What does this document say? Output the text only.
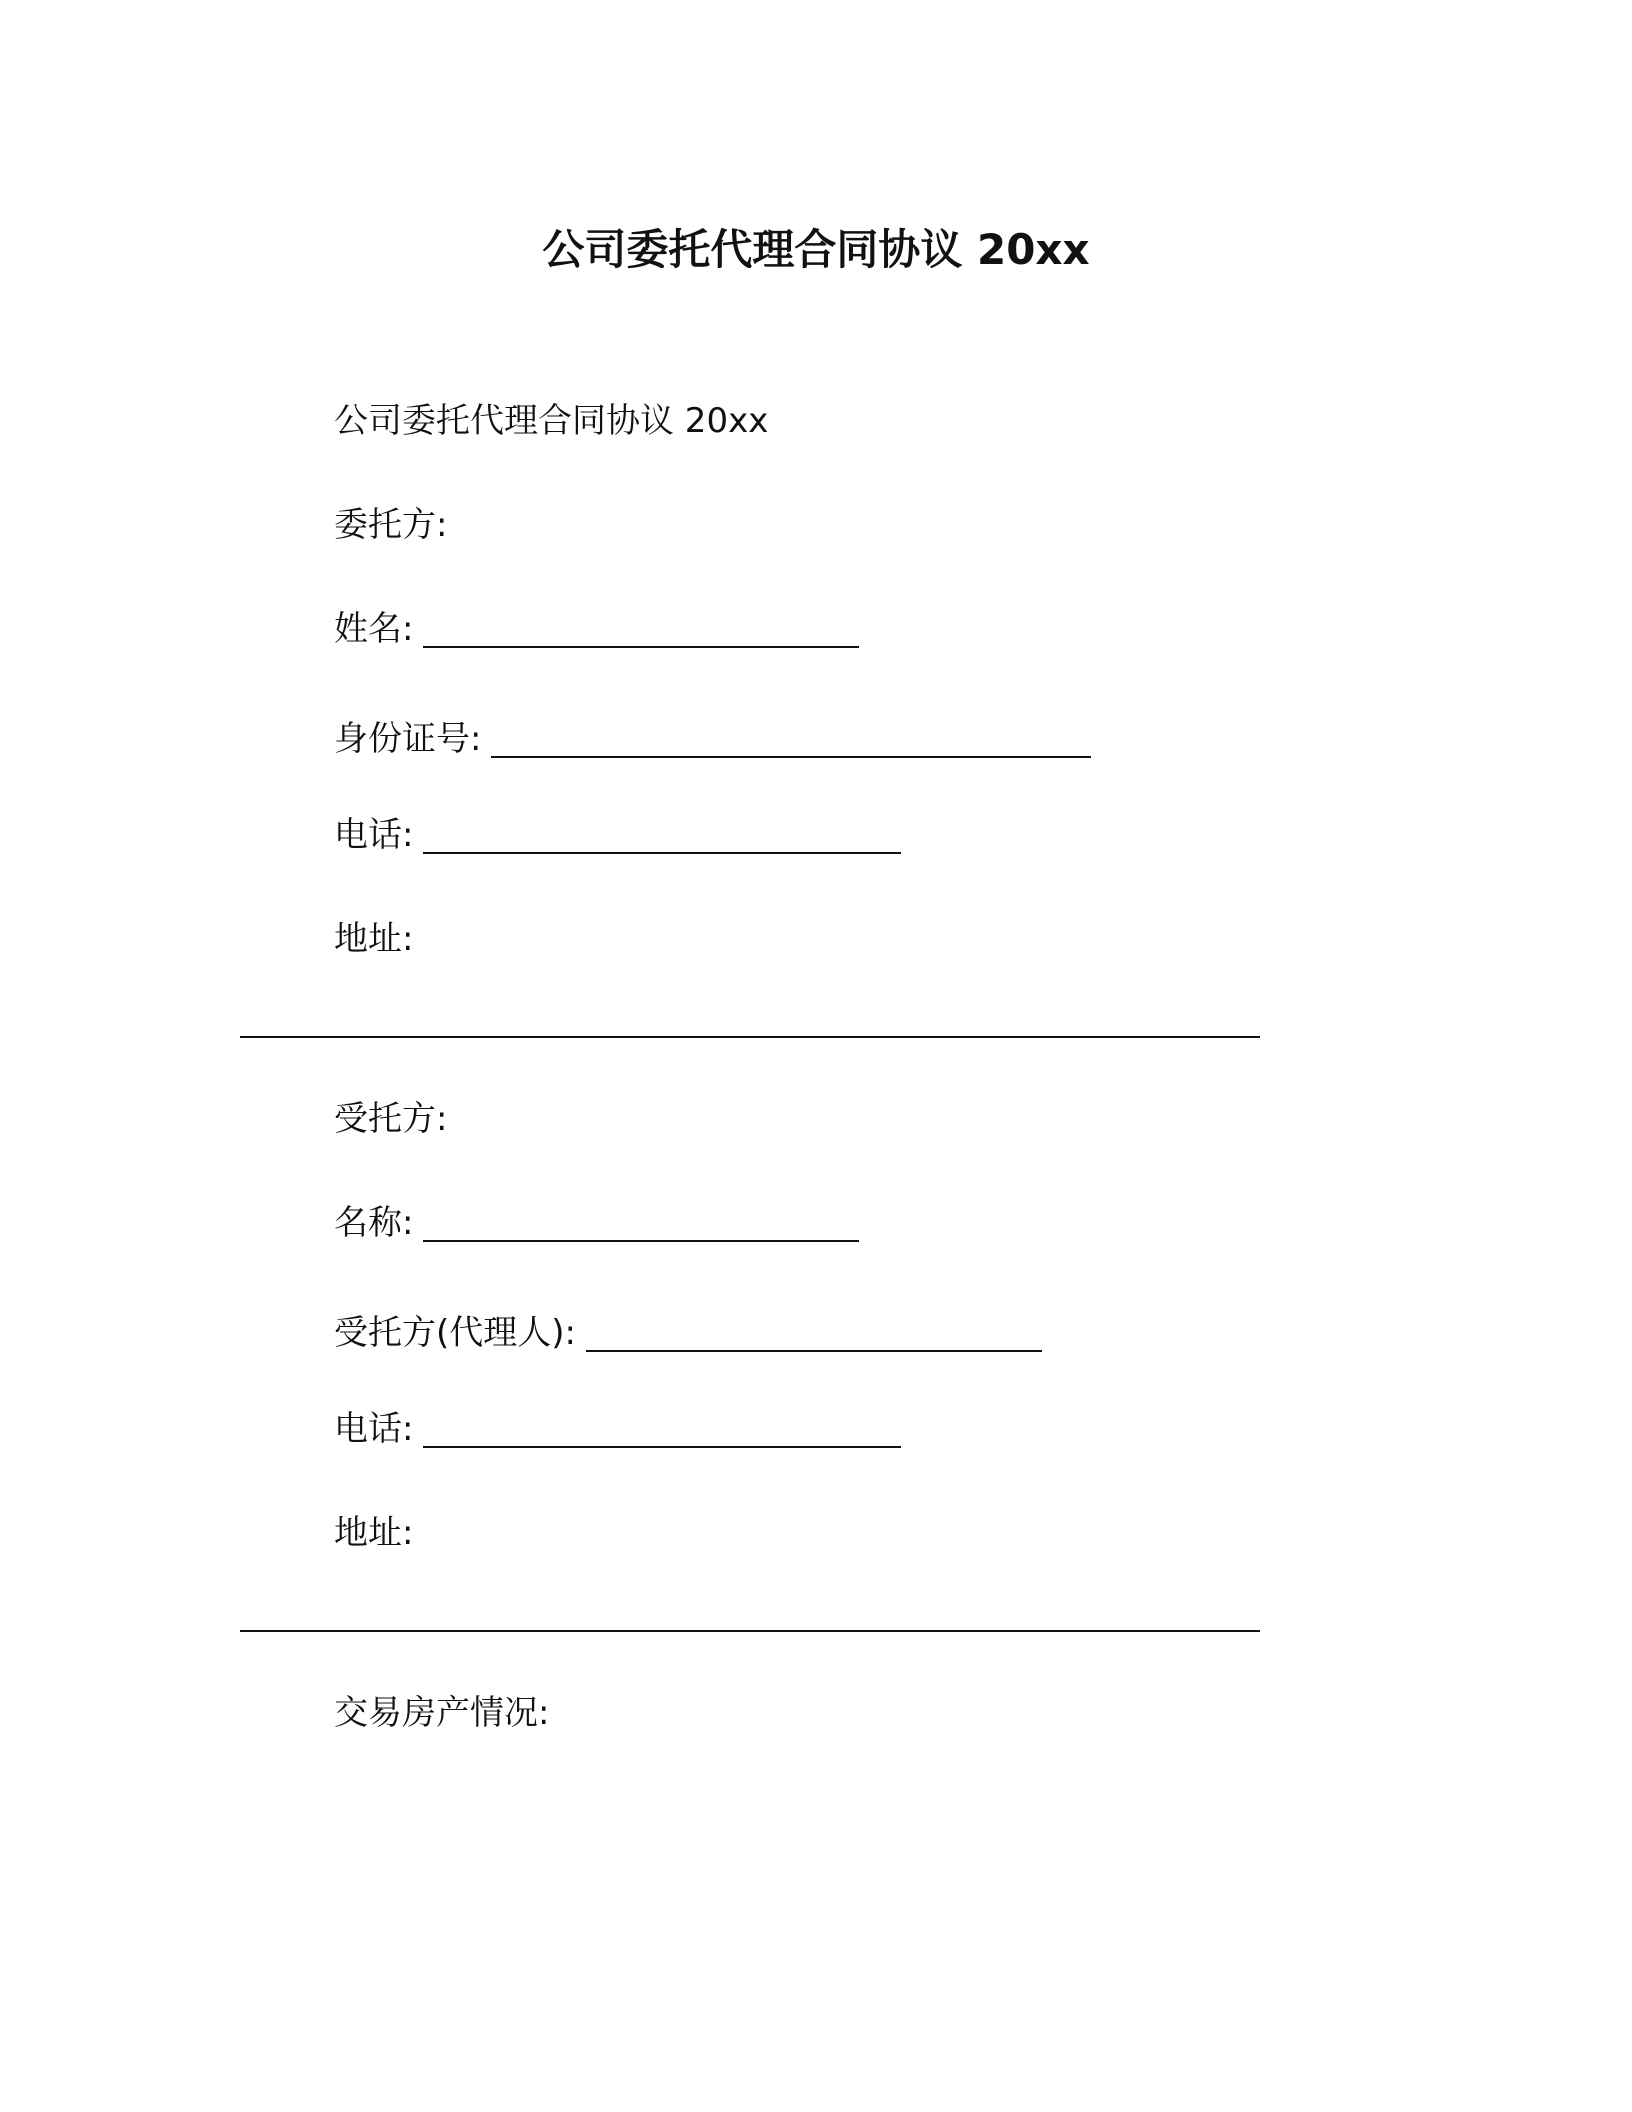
公司委托代理合同协议 20xx
公司委托代理合同协议 20xx
委托方:
姓名:
身份证号:
电话:
地址:
受托方:
名称:
受托方(代理人):
电话:
地址:
交易房产情况:
